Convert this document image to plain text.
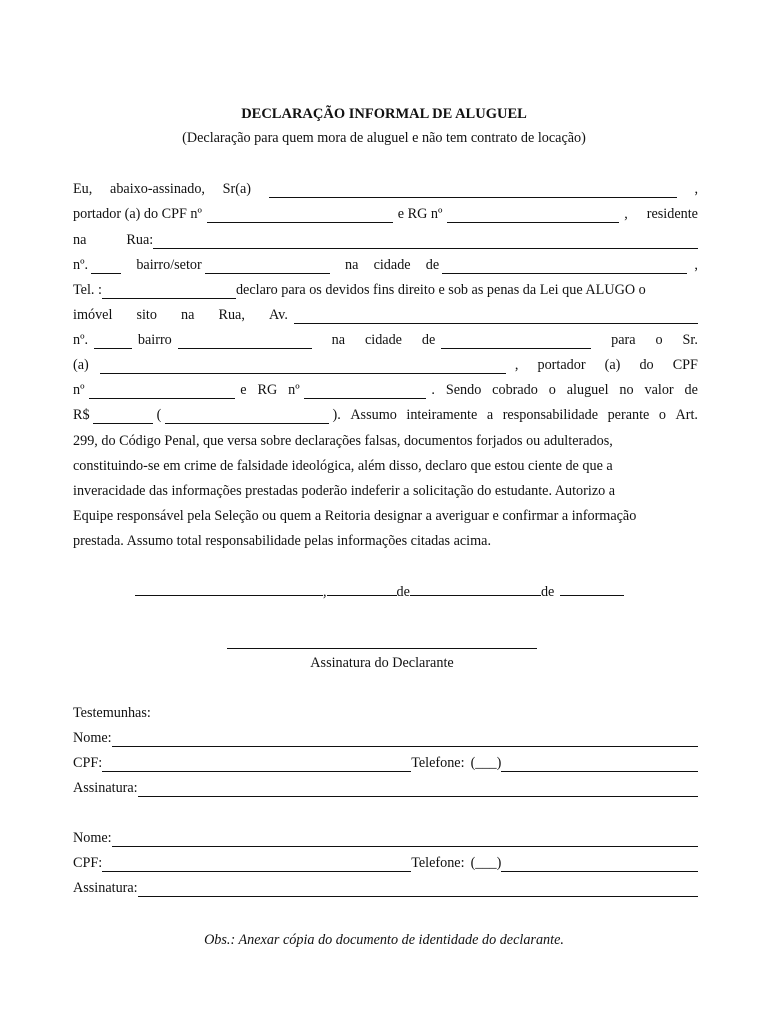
DECLARAÇÃO INFORMAL DE ALUGUEL
(Declaração para quem mora de aluguel e não tem contrato de locação)
Eu, abaixo-assinado, Sr(a)	,
portador (a) do CPF nº	e RG nº	, residente
na	Rua:
nº.	bairro/setor	na cidade de	,
Tel. :	declaro para os devidos fins direito e sob as penas da Lei que ALUGO o
imóvel sito na Rua, Av.
nº.	bairro	na cidade de	para o Sr.
(a)	, portador (a) do CPF
nº	e RG nº	. Sendo cobrado o aluguel no valor de
R$	(	). Assumo inteiramente a responsabilidade perante o Art.
299, do Código Penal, que versa sobre declarações falsas, documentos forjados ou adulterados,
constituindo-se em crime de falsidade ideológica, além disso, declaro que estou ciente de que a
inveracidade das informações prestadas poderão indeferir a solicitação do estudante. Autorizo a
Equipe responsável pela Seleção ou quem a Reitoria designar a averiguar e confirmar a informação
prestada. Assumo total responsabilidade pelas informações citadas acima.
,	de	de
Assinatura do Declarante
Testemunhas:
Nome:
CPF:	Telefone: (___)
Assinatura:
Nome:
CPF:	Telefone: (___)
Assinatura:
Obs.: Anexar cópia do documento de identidade do declarante.
